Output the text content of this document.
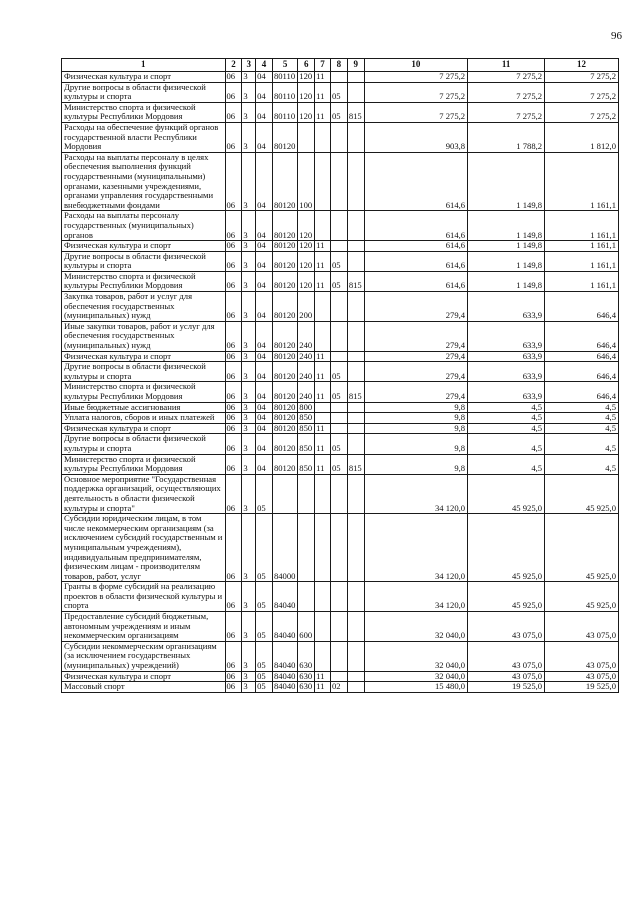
96
1	2	3	4	5	6	7	8	9	10	11	12
Физическая культура и спорт	06	3	04	80110	120	11			7 275,2	7 275,2	7 275,2
Другие вопросы в области физической культуры и спорта	06	3	04	80110	120	11	05		7 275,2	7 275,2	7 275,2
Министерство спорта и физической культуры Республики Мордовия	06	3	04	80110	120	11	05	815	7 275,2	7 275,2	7 275,2
Расходы на обеспечение функций органов государственной власти Республики Мордовия	06	3	04	80120					903,8	1 788,2	1 812,0
Расходы на выплаты персоналу в целях обеспечения выполнения функций государственными (муниципальными) органами, казенными учреждениями, органами управления государственными внебюджетными фондами	06	3	04	80120	100				614,6	1 149,8	1 161,1
Расходы на выплаты персоналу государственных (муниципальных) органов	06	3	04	80120	120				614,6	1 149,8	1 161,1
Физическая культура и спорт	06	3	04	80120	120	11			614,6	1 149,8	1 161,1
Другие вопросы в области физической культуры и спорта	06	3	04	80120	120	11	05		614,6	1 149,8	1 161,1
Министерство спорта и физической культуры Республики Мордовия	06	3	04	80120	120	11	05	815	614,6	1 149,8	1 161,1
Закупка товаров, работ и услуг для обеспечения государственных (муниципальных) нужд	06	3	04	80120	200				279,4	633,9	646,4
Иные закупки товаров, работ и услуг для обеспечения государственных (муниципальных) нужд	06	3	04	80120	240				279,4	633,9	646,4
Физическая культура и спорт	06	3	04	80120	240	11			279,4	633,9	646,4
Другие вопросы в области физической культуры и спорта	06	3	04	80120	240	11	05		279,4	633,9	646,4
Министерство спорта и физической культуры Республики Мордовия	06	3	04	80120	240	11	05	815	279,4	633,9	646,4
Иные бюджетные ассигнования	06	3	04	80120	800				9,8	4,5	4,5
Уплата налогов, сборов и иных платежей	06	3	04	80120	850				9,8	4,5	4,5
Физическая культура и спорт	06	3	04	80120	850	11			9,8	4,5	4,5
Другие вопросы в области физической культуры и спорта	06	3	04	80120	850	11	05		9,8	4,5	4,5
Министерство спорта и физической культуры Республики Мордовия	06	3	04	80120	850	11	05	815	9,8	4,5	4,5
Основное мероприятие "Государственная поддержка организаций, осуществляющих деятельность в области физической культуры и спорта"	06	3	05						34 120,0	45 925,0	45 925,0
Субсидии юридическим лицам, в том числе некоммерческим организациям (за исключением субсидий государственным и муниципальным учреждениям), индивидуальным предпринимателям, физическим лицам - производителям товаров, работ, услуг	06	3	05	84000					34 120,0	45 925,0	45 925,0
Гранты в форме субсидий на реализацию проектов в области физической культуры и спорта	06	3	05	84040					34 120,0	45 925,0	45 925,0
Предоставление субсидий бюджетным, автономным учреждениям и иным некоммерческим организациям	06	3	05	84040	600				32 040,0	43 075,0	43 075,0
Субсидии некоммерческим организациям (за исключением государственных (муниципальных) учреждений)	06	3	05	84040	630				32 040,0	43 075,0	43 075,0
Физическая культура и спорт	06	3	05	84040	630	11			32 040,0	43 075,0	43 075,0
Массовый спорт	06	3	05	84040	630	11	02		15 480,0	19 525,0	19 525,0
